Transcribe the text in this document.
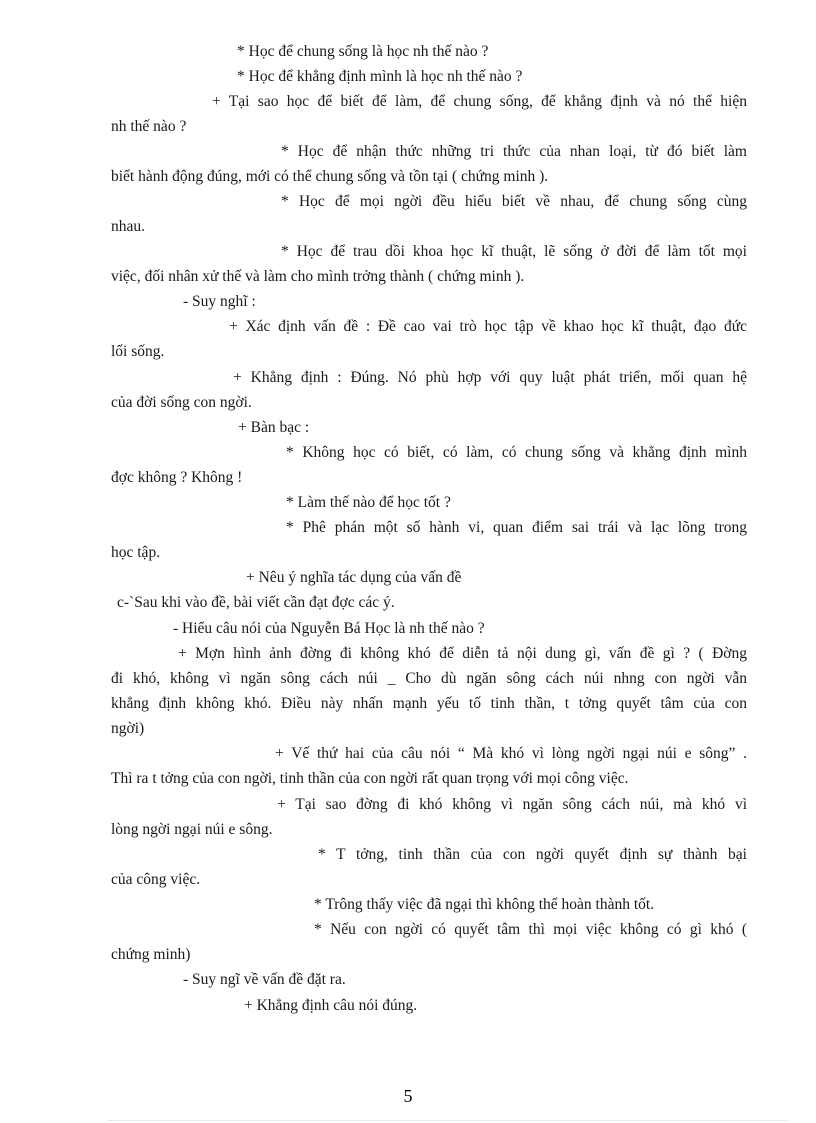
* Học để chung sống là học nh thế nào ?
* Học để khẳng định mình là học nh thế nào ?
+ Tại sao học để biết để làm, để chung sống, để khẳng định và nó thể hiện
nh thế nào ?
* Học để nhận thức những tri thức của nhan loại, từ đó biết làm
biết hành động đúng, mới có thể chung sống và tồn tại ( chứng minh ).
* Học để mọi ngời đều hiểu biết về nhau, để chung sống cùng
nhau.
* Học để trau dồi khoa học kĩ thuật, lẽ sống ở đời để làm tốt mọi
việc, đối nhân xử thế và làm cho mình trởng thành ( chứng minh ).
- Suy nghĩ :
+ Xác định vấn đề : Đề cao vai trò học tập về khao học kĩ thuật, đạo đức
lối sống.
+ Khẳng định : Đúng. Nó phù hợp với quy luật phát triển, mối quan hệ
của đời sống con ngời.
+ Bàn bạc :
* Không học có biết, có làm, có chung sống và khẳng định mình
đợc không ? Không !
* Làm thế nào để học tốt ?
* Phê phán một số hành vi, quan điểm sai trái và lạc lõng trong
học tập.
+ Nêu ý nghĩa tác dụng của vấn đề
c-`Sau khi vào đề, bài viết cần đạt đợc các ý.
- Hiểu câu nói của Nguyễn Bá Học là nh thế nào ?
+ Mợn hình ảnh đờng đi không khó để diễn tả nội dung gì, vấn đề gì ? ( Đờng
đi khó, không vì ngăn sông cách núi _ Cho dù ngăn sông cách núi nhng con ngời vẫn
khẳng định không khó. Điều này nhấn mạnh yếu tố tinh thần, t tởng quyết tâm của con
ngời)
+ Vế thứ hai của câu nói “ Mà khó vì lòng ngời ngại núi e sông” .
Thì ra t tởng của con ngời, tinh thần của con ngời rất quan trọng với mọi công việc.
+ Tại sao đờng đi khó không vì ngăn sông cách núi, mà khó vì
lòng ngời ngại núi e sông.
* T tởng, tinh thần của con ngời quyết định sự thành bại
của công việc.
* Trông thấy việc đã ngại thì không thể hoàn thành tốt.
* Nếu con ngời có quyết tâm thì mọi việc không có gì khó (
chứng minh)
- Suy ngĩ về vấn đề đặt ra.
+ Khẳng định câu nói đúng.
5
